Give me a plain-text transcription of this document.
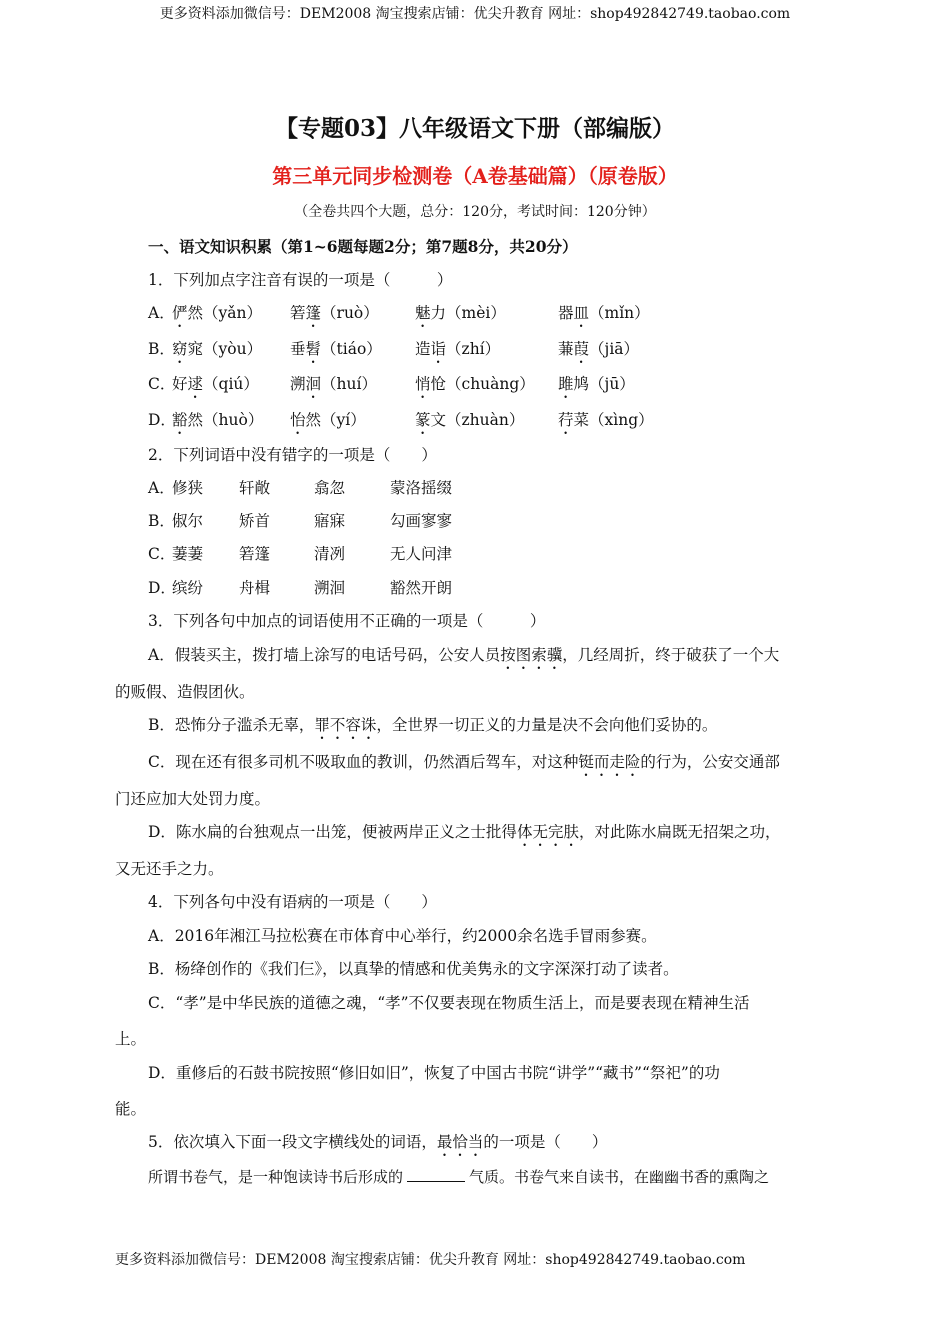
更多资料添加微信号：DEM2008 淘宝搜索店铺：优尖升教育 网址：shop492842749.taobao.com
【专题03】八年级语文下册（部编版）
第三单元同步检测卷（A卷基础篇）（原卷版）
（全卷共四个大题，总分：120分，考试时间：120分钟）
一、语文知识积累（第1~6题每题2分；第7题8分，共20分）
1．下列加点字注音有误的一项是（　　　）
A．
俨然（yǎn） 箬篷（ruò） 魅力（mèi）	器皿（mǐn）
B．
窈窕（yòu） 垂髫（tiáo） 造诣（zhí）	蒹葭（jiā）
C．
好逑（qiú） 溯洄（huí） 悄怆（chuàng） 雎鸠（jū）
D．
豁然（huò） 怡然（yí）	篆文（zhuàn） 荇菜（xìng）
2．下列词语中没有错字的一项是（　　）
A．
修狭 轩敞	翕忽	蒙洛摇缀
B．
俶尔 矫首	寤寐	勾画寥寥
C．
萋萋 箬篷	清冽	无人问津
D．
缤纷 舟楫	溯洄	豁然开朗
3．下列各句中加点的词语使用不正确的一项是（　　　）
A．假装买主，拨打墙上涂写的电话号码，公安人员按图索骥，几经周折，终于破获了一个大
的贩假、造假团伙。
B．恐怖分子滥杀无辜，罪不容诛，全世界一切正义的力量是决不会向他们妥协的。
C．现在还有很多司机不吸取血的教训，仍然酒后驾车，对这种铤而走险的行为，公安交通部
门还应加大处罚力度。
D．陈水扁的台独观点一出笼，便被两岸正义之士批得体无完肤，对此陈水扁既无招架之功，
又无还手之力。
4．下列各句中没有语病的一项是（　　）
A．2016年湘江马拉松赛在市体育中心举行，约2000余名选手冒雨参赛。
B．杨绛创作的《我们仨》，以真挚的情感和优美隽永的文字深深打动了读者。
C．“孝”是中华民族的道德之魂，“孝”不仅要表现在物质生活上，而是要表现在精神生活
上。
D．重修后的石鼓书院按照“修旧如旧”，恢复了中国古书院“讲学”“藏书”“祭祀”的功
能。
5．依次填入下面一段文字横线处的词语，最恰当的一项是（　　）
所谓书卷气，是一种饱读诗书后形成的	气质。书卷气来自读书，在幽幽书香的熏陶之
更多资料添加微信号：DEM2008 淘宝搜索店铺：优尖升教育 网址：shop492842749.taobao.com
